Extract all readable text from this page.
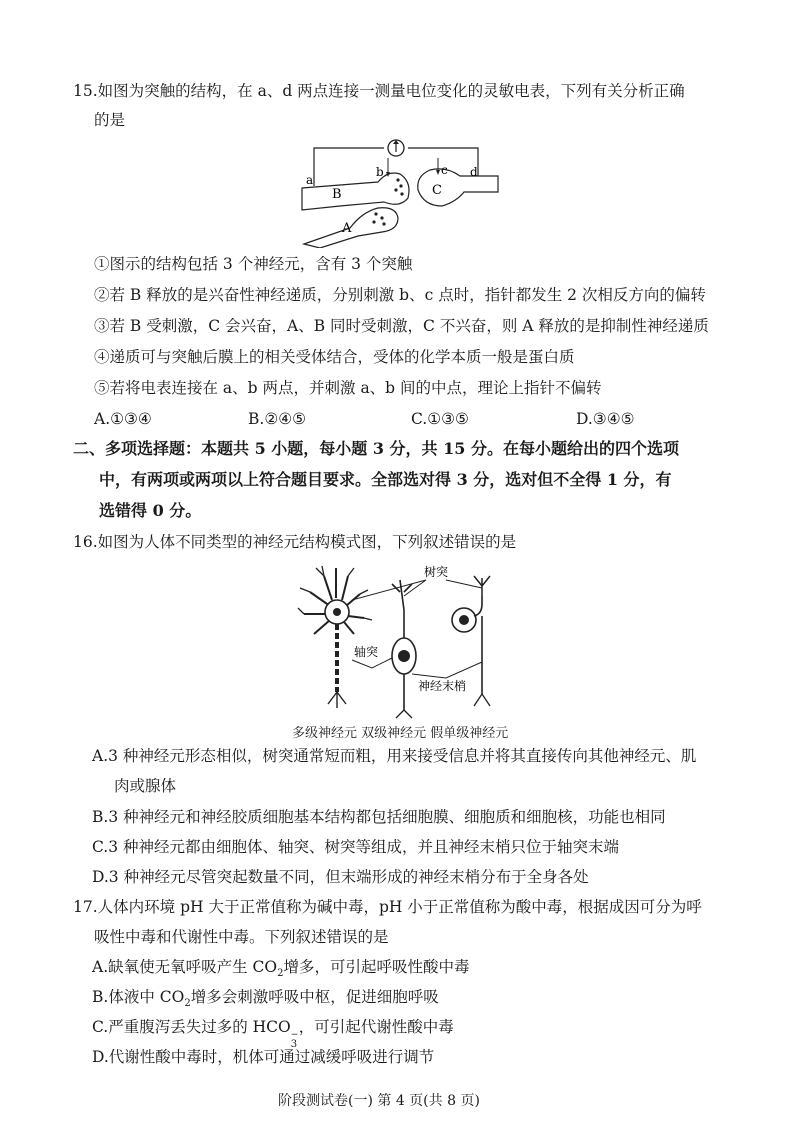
15.如图为突触的结构，在 a、d 两点连接一测量电位变化的灵敏电表，下列有关分析正确
的是
a
b	c d
B	C
A
①图示的结构包括 3 个神经元，含有 3 个突触
②若 B 释放的是兴奋性神经递质，分别刺激 b、c 点时，指针都发生 2 次相反方向的偏转
③若 B 受刺激，C 会兴奋，A、B 同时受刺激，C 不兴奋，则 A 释放的是抑制性神经递质
④递质可与突触后膜上的相关受体结合，受体的化学本质一般是蛋白质
⑤若将电表连接在 a、b 两点，并刺激 a、b 间的中点，理论上指针不偏转
A.①③④	B.②④⑤	C.①③⑤	D.③④⑤
二、多项选择题：本题共 5 小题，每小题 3 分，共 15 分。在每小题给出的四个选项
中，有两项或两项以上符合题目要求。全部选对得 3 分，选对但不全得 1 分，有
选错得 0 分。
16.如图为人体不同类型的神经元结构模式图，下列叙述错误的是
树突
轴突
神经末梢
多级神经元 双级神经元 假单级神经元
A.3 种神经元形态相似，树突通常短而粗，用来接受信息并将其直接传向其他神经元、肌
肉或腺体
B.3 种神经元和神经胶质细胞基本结构都包括细胞膜、细胞质和细胞核，功能也相同
C.3 种神经元都由细胞体、轴突、树突等组成，并且神经末梢只位于轴突末端
D.3 种神经元尽管突起数量不同，但末端形成的神经末梢分布于全身各处
17.人体内环境 pH 大于正常值称为碱中毒，pH 小于正常值称为酸中毒，根据成因可分为呼
吸性中毒和代谢性中毒。下列叙述错误的是
A.缺氧使无氧呼吸产生 $CO_2$增多，可引起呼吸性酸中毒
B.体液中 $CO_2$增多会刺激呼吸中枢，促进细胞呼吸
C.严重腹泻丢失过多的 HCO −
3
，可引起代谢性酸中毒
D.代谢性酸中毒时，机体可通过减缓呼吸进行调节
阶段测试卷(一) 第 4 页(共 8 页)
